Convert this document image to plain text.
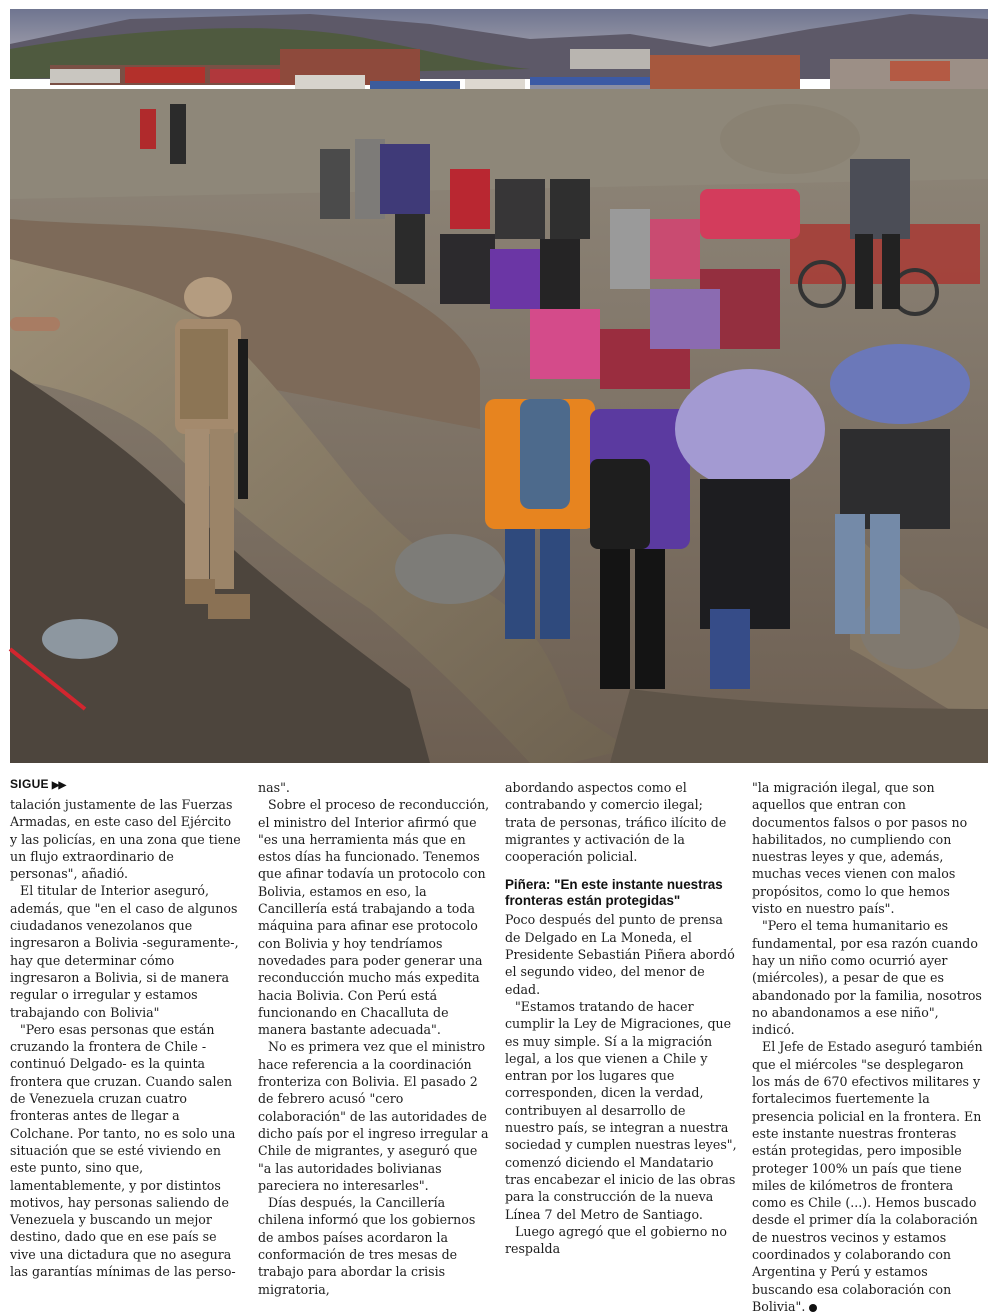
SIGUE ▶▶

talación justamente de las Fuerzas Armadas, en este caso del Ejército y las policías, en una zona que tiene un flujo extraordinario de personas", añadió.

El titular de Interior aseguró, además, que "en el caso de algunos ciudadanos venezolanos que ingresaron a Bolivia -seguramente-, hay que determinar cómo ingresaron a Bolivia, si de manera regular o irregular y estamos trabajando con Bolivia"

"Pero esas personas que están cruzando la frontera de Chile -continuó Delgado- es la quinta frontera que cruzan. Cuando salen de Venezuela cruzan cuatro fronteras antes de llegar a Colchane. Por tanto, no es solo una situación que se esté viviendo en este punto, sino que, lamentablemente, y por distintos motivos, hay personas saliendo de Venezuela y buscando un mejor destino, dado que en ese país se vive una dictadura que no asegura las garantías mínimas de las perso-

nas".

Sobre el proceso de reconducción, el ministro del Interior afirmó que "es una herramienta más que en estos días ha funcionado. Tenemos que afinar todavía un protocolo con Bolivia, estamos en eso, la Cancillería está trabajando a toda máquina para afinar ese protocolo con Bolivia y hoy tendríamos novedades para poder generar una reconducción mucho más expedita hacia Bolivia. Con Perú está funcionando en Chacalluta de manera bastante adecuada".

No es primera vez que el ministro hace referencia a la coordinación fronteriza con Bolivia. El pasado 2 de febrero acusó "cero colaboración" de las autoridades de dicho país por el ingreso irregular a Chile de migrantes, y aseguró que "a las autoridades bolivianas pareciera no interesarles".

Días después, la Cancillería chilena informó que los gobiernos de ambos países acordaron la conformación de tres mesas de trabajo para abordar la crisis migratoria,

abordando aspectos como el contrabando y comercio ilegal; trata de personas, tráfico ilícito de migrantes y activación de la cooperación policial.

Piñera: "En este instante nuestras fronteras están protegidas"

Poco después del punto de prensa de Delgado en La Moneda, el Presidente Sebastián Piñera abordó el segundo video, del menor de edad.

"Estamos tratando de hacer cumplir la Ley de Migraciones, que es muy simple. Sí a la migración legal, a los que vienen a Chile y entran por los lugares que corresponden, dicen la verdad, contribuyen al desarrollo de nuestro país, se integran a nuestra sociedad y cumplen nuestras leyes", comenzó diciendo el Mandatario tras encabezar el inicio de las obras para la construcción de la nueva Línea 7 del Metro de Santiago.

Luego agregó que el gobierno no respalda

"la migración ilegal, que son aquellos que entran con documentos falsos o por pasos no habilitados, no cumpliendo con nuestras leyes y que, además, muchas veces vienen con malos propósitos, como lo que hemos visto en nuestro país".

"Pero el tema humanitario es fundamental, por esa razón cuando hay un niño como ocurrió ayer (miércoles), a pesar de que es abandonado por la familia, nosotros no abandonamos a ese niño", indicó.

El Jefe de Estado aseguró también que el miércoles "se desplegaron los más de 670 efectivos militares y fortalecimos fuertemente la presencia policial en la frontera. En este instante nuestras fronteras están protegidas, pero imposible proteger 100% un país que tiene miles de kilómetros de frontera como es Chile (...). Hemos buscado desde el primer día la colaboración de nuestros vecinos y estamos coordinados y colaborando con Argentina y Perú y estamos buscando esa colaboración con Bolivia".
